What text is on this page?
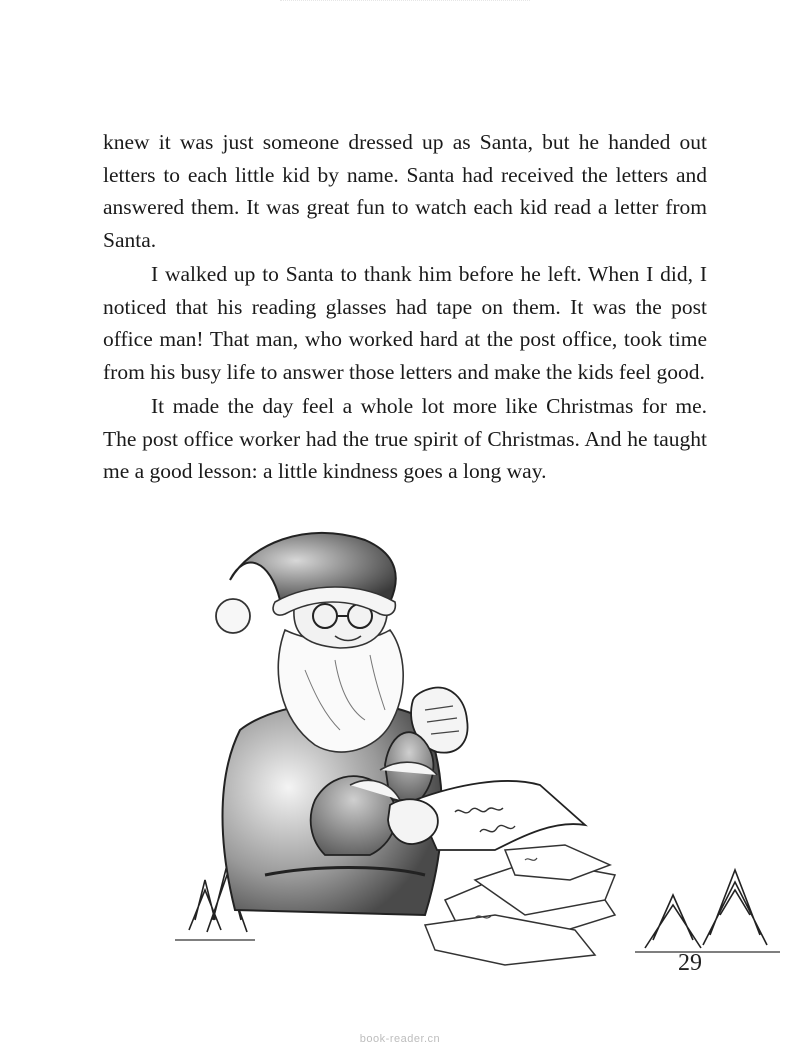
knew it was just someone dressed up as Santa, but he handed out letters to each little kid by name. Santa had received the letters and answered them. It was great fun to watch each kid read a letter from Santa.

I walked up to Santa to thank him before he left. When I did, I noticed that his reading glasses had tape on them. It was the post office man! That man, who worked hard at the post office, took time from his busy life to answer those letters and make the kids feel good.

It made the day feel a whole lot more like Christmas for me. The post office worker had the true spirit of Christmas. And he taught me a good lesson: a little kindness goes a long way.

29
book-reader.cn
